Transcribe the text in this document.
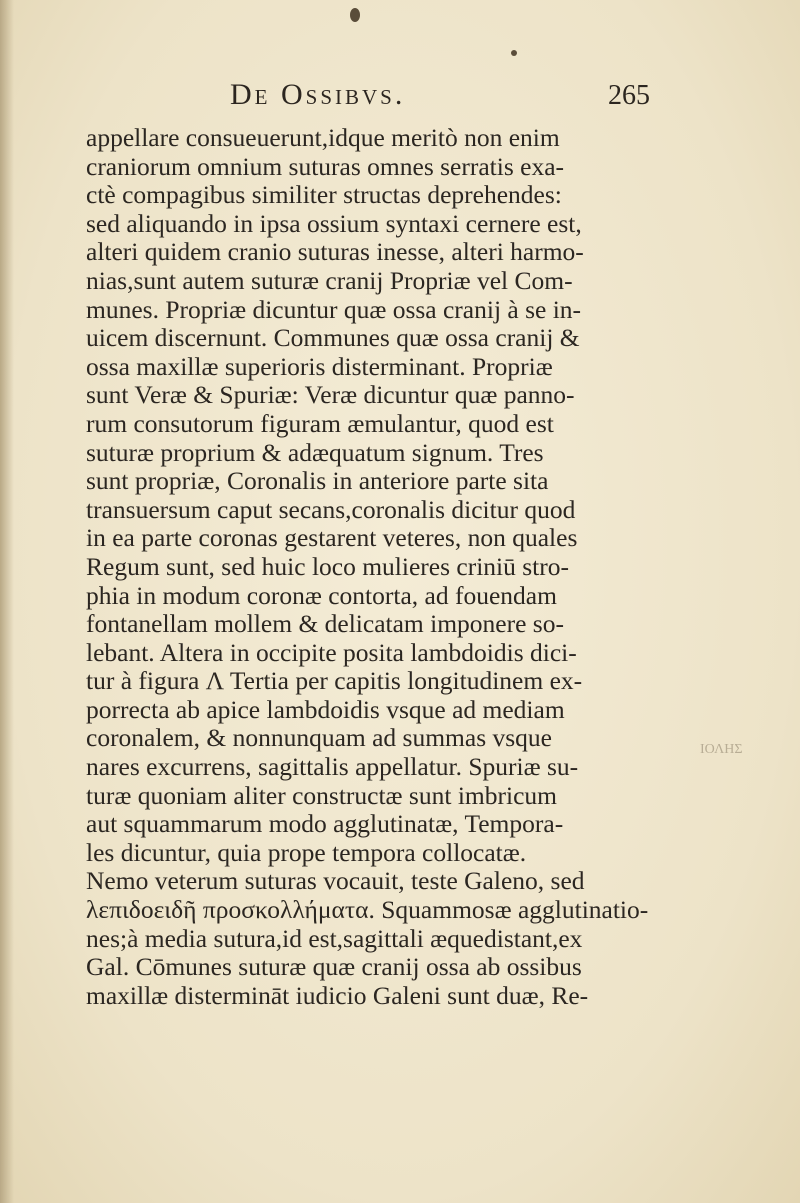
De Ossibvs.	265
appellare consueuerunt,idque meritò non enim
craniorum omnium suturas omnes serratis exa-
ctè compagibus similiter structas deprehendes:
sed aliquando in ipsa ossium syntaxi cernere est,
alteri quidem cranio suturas inesse, alteri harmo-
nias,sunt autem suturæ cranij Propriæ vel Com-
munes. Propriæ dicuntur quæ ossa cranij à se in-
uicem discernunt. Communes quæ ossa cranij &
ossa maxillæ superioris disterminant. Propriæ
sunt Veræ & Spuriæ: Veræ dicuntur quæ panno-
rum consutorum figuram æmulantur, quod est
suturæ proprium & adæquatum signum. Tres
sunt propriæ, Coronalis in anteriore parte sita
transuersum caput secans,coronalis dicitur quod
in ea parte coronas gestarent veteres, non quales
Regum sunt, sed huic loco mulieres criniū stro-
phia in modum coronæ contorta, ad fouendam
fontanellam mollem & delicatam imponere so-
lebant. Altera in occipite posita lambdoidis dici-
tur à figura Λ Tertia per capitis longitudinem ex-
porrecta ab apice lambdoidis vsque ad mediam
coronalem, & nonnunquam ad summas vsque
nares excurrens, sagittalis appellatur. Spuriæ su-
turæ quoniam aliter constructæ sunt imbricum
aut squammarum modo agglutinatæ, Tempora-
les dicuntur, quia prope tempora collocatæ.
Nemo veterum suturas vocauit, teste Galeno, sed
λεπιδοειδῆ προσκολλήματα. Squammosæ agglutinatio-
nes;à media sutura,id est,sagittali æquedistant,ex
Gal. Cōmunes suturæ quæ cranij ossa ab ossibus
maxillæ distermināt iudicio Galeni sunt duæ, Re-
ΙΟΛΗΣ
